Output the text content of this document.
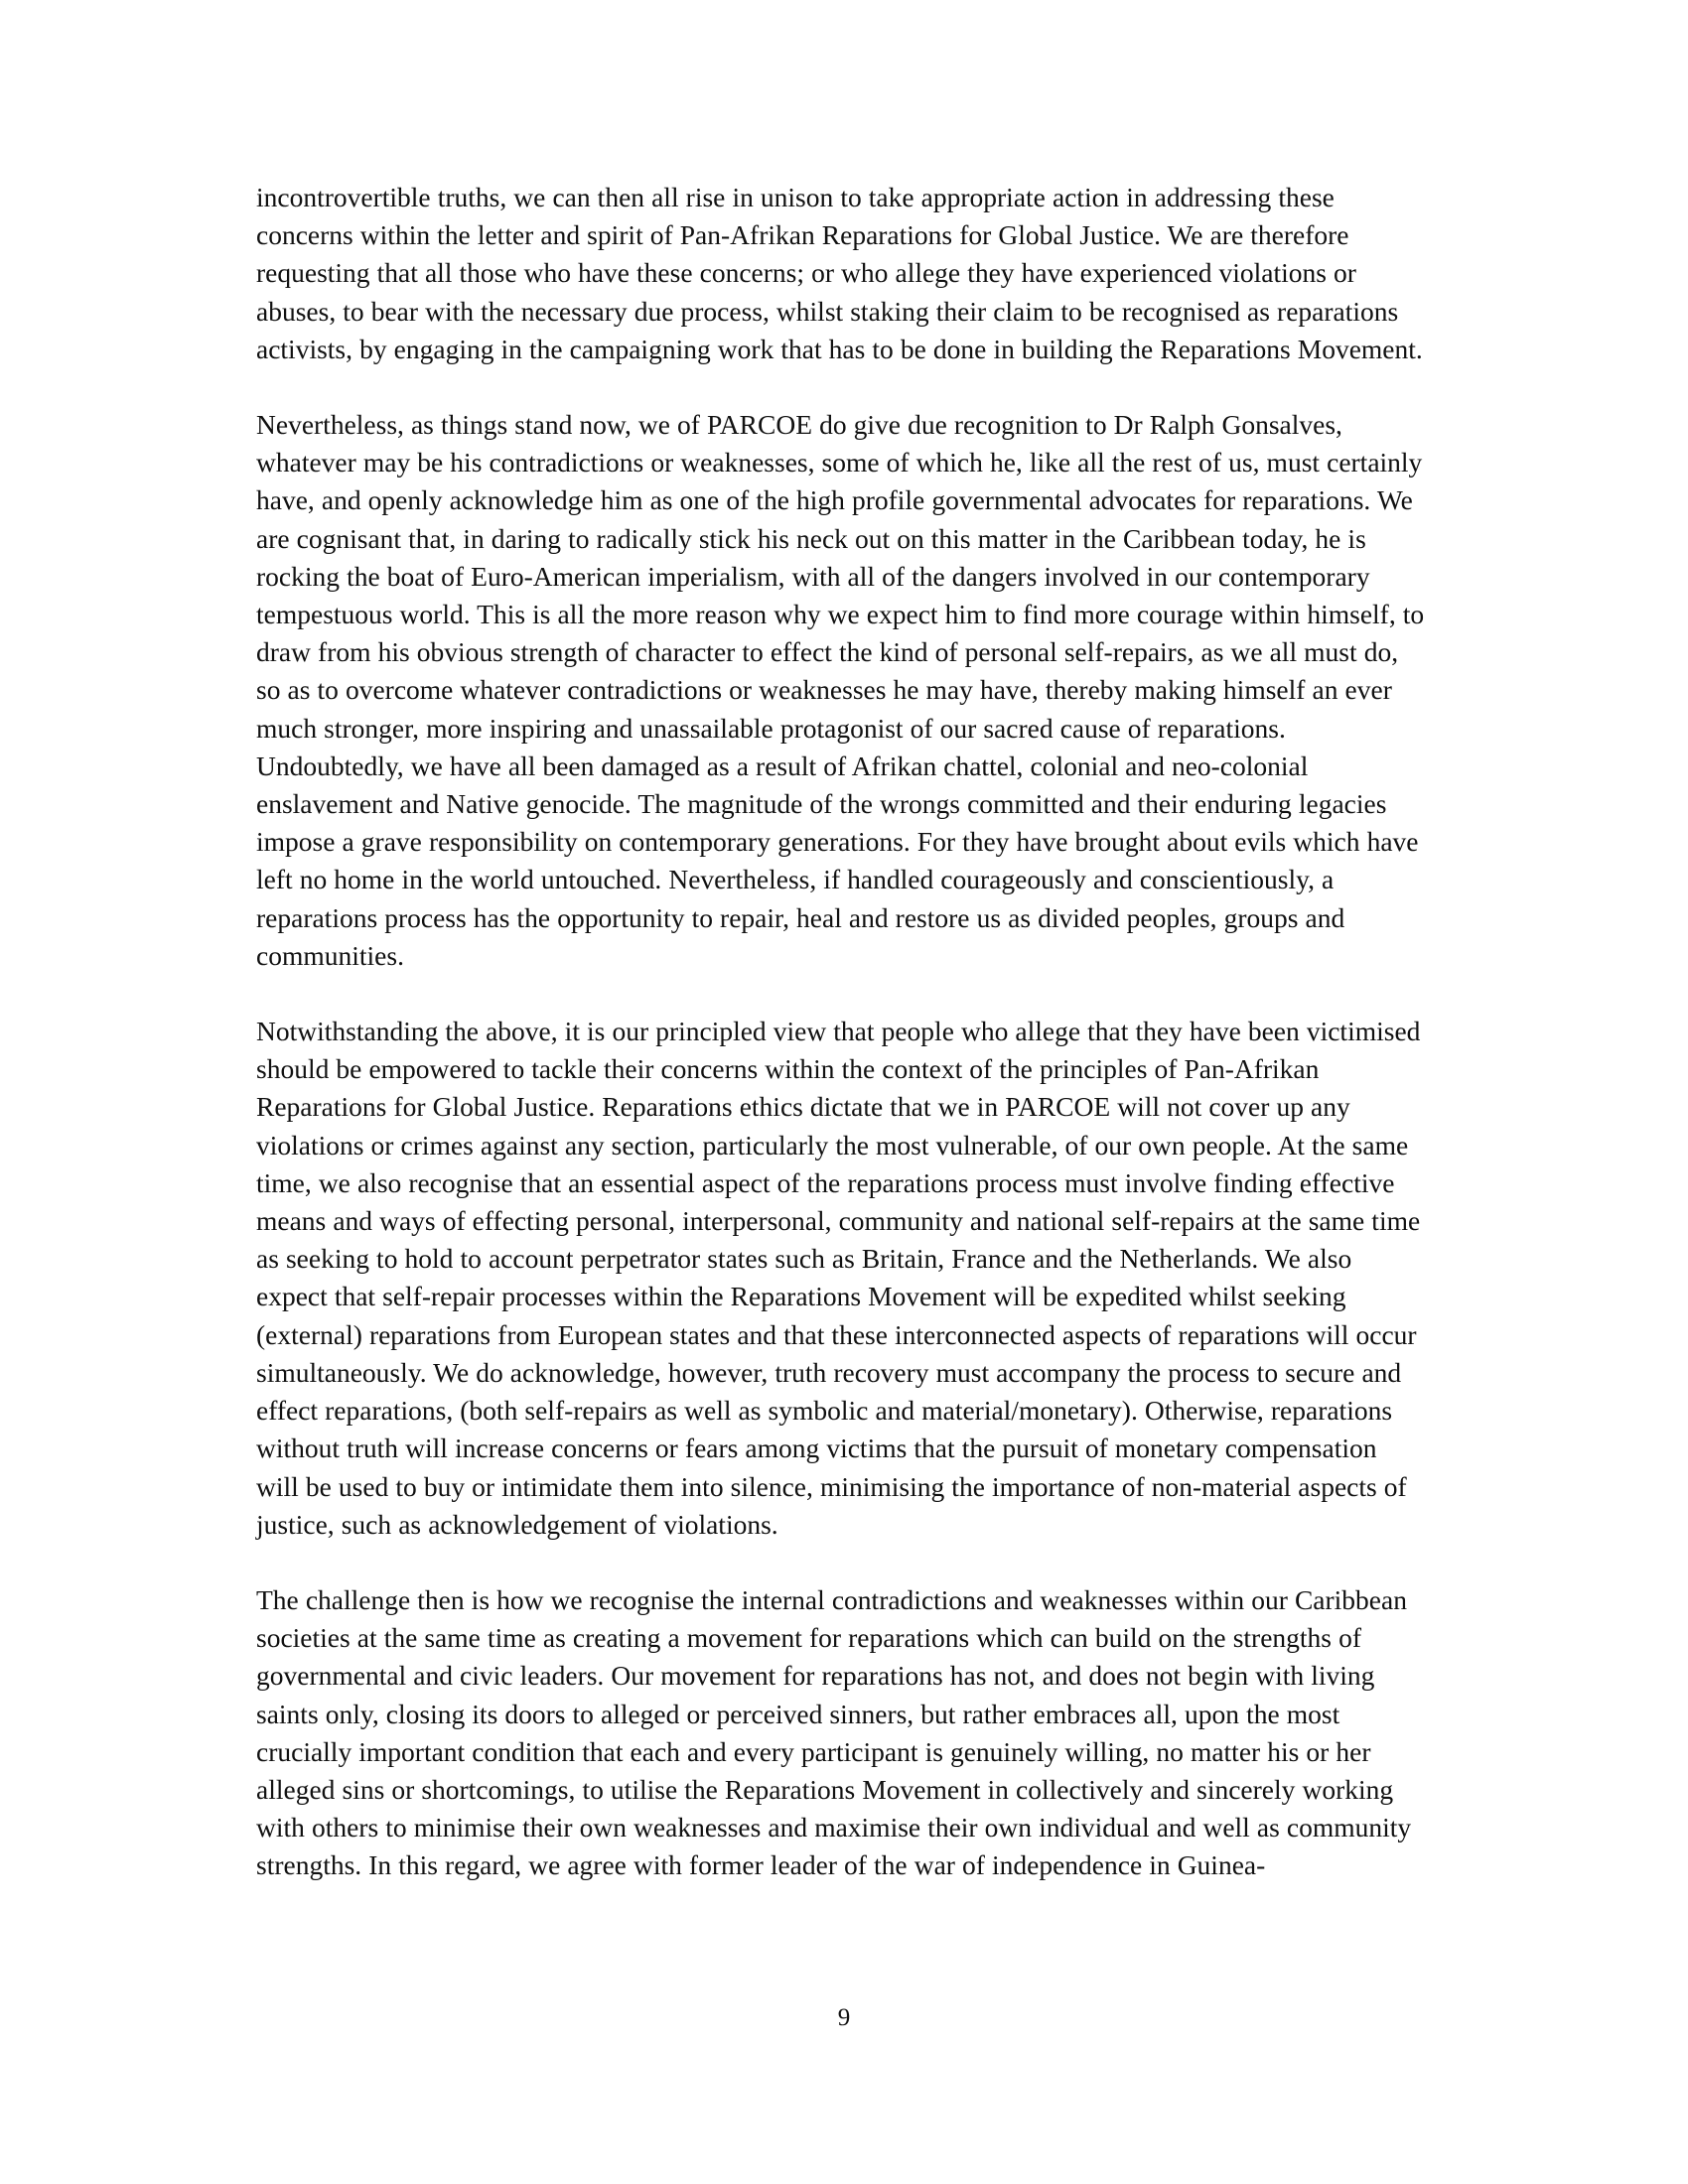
incontrovertible truths, we can then all rise in unison to take appropriate action in addressing these concerns within the letter and spirit of Pan-Afrikan Reparations for Global Justice. We are therefore requesting that all those who have these concerns; or who allege they have experienced violations or abuses, to bear with the necessary due process, whilst staking their claim to be recognised as reparations activists, by engaging in the campaigning work that has to be done in building the Reparations Movement.

Nevertheless, as things stand now, we of PARCOE do give due recognition to Dr Ralph Gonsalves, whatever may be his contradictions or weaknesses, some of which he, like all the rest of us, must certainly have, and openly acknowledge him as one of the high profile governmental advocates for reparations. We are cognisant that, in daring to radically stick his neck out on this matter in the Caribbean today, he is rocking the boat of Euro-American imperialism, with all of the dangers involved in our contemporary tempestuous world. This is all the more reason why we expect him to find more courage within himself, to draw from his obvious strength of character to effect the kind of personal self-repairs, as we all must do, so as to overcome whatever contradictions or weaknesses he may have, thereby making himself an ever much stronger, more inspiring and unassailable protagonist of our sacred cause of reparations. Undoubtedly, we have all been damaged as a result of Afrikan chattel, colonial and neo-colonial enslavement and Native genocide. The magnitude of the wrongs committed and their enduring legacies impose a grave responsibility on contemporary generations. For they have brought about evils which have left no home in the world untouched. Nevertheless, if handled courageously and conscientiously, a reparations process has the opportunity to repair, heal and restore us as divided peoples, groups and communities.

Notwithstanding the above, it is our principled view that people who allege that they have been victimised should be empowered to tackle their concerns within the context of the principles of Pan-Afrikan Reparations for Global Justice. Reparations ethics dictate that we in PARCOE will not cover up any violations or crimes against any section, particularly the most vulnerable, of our own people. At the same time, we also recognise that an essential aspect of the reparations process must involve finding effective means and ways of effecting personal, interpersonal, community and national self-repairs at the same time as seeking to hold to account perpetrator states such as Britain, France and the Netherlands. We also expect that self-repair processes within the Reparations Movement will be expedited whilst seeking (external) reparations from European states and that these interconnected aspects of reparations will occur simultaneously. We do acknowledge, however, truth recovery must accompany the process to secure and effect reparations, (both self-repairs as well as symbolic and material/monetary). Otherwise, reparations without truth will increase concerns or fears among victims that the pursuit of monetary compensation will be used to buy or intimidate them into silence, minimising the importance of non-material aspects of justice, such as acknowledgement of violations.

The challenge then is how we recognise the internal contradictions and weaknesses within our Caribbean societies at the same time as creating a movement for reparations which can build on the strengths of governmental and civic leaders. Our movement for reparations has not, and does not begin with living saints only, closing its doors to alleged or perceived sinners, but rather embraces all, upon the most crucially important condition that each and every participant is genuinely willing, no matter his or her alleged sins or shortcomings, to utilise the Reparations Movement in collectively and sincerely working with others to minimise their own weaknesses and maximise their own individual and well as community strengths. In this regard, we agree with former leader of the war of independence in Guinea-

9
